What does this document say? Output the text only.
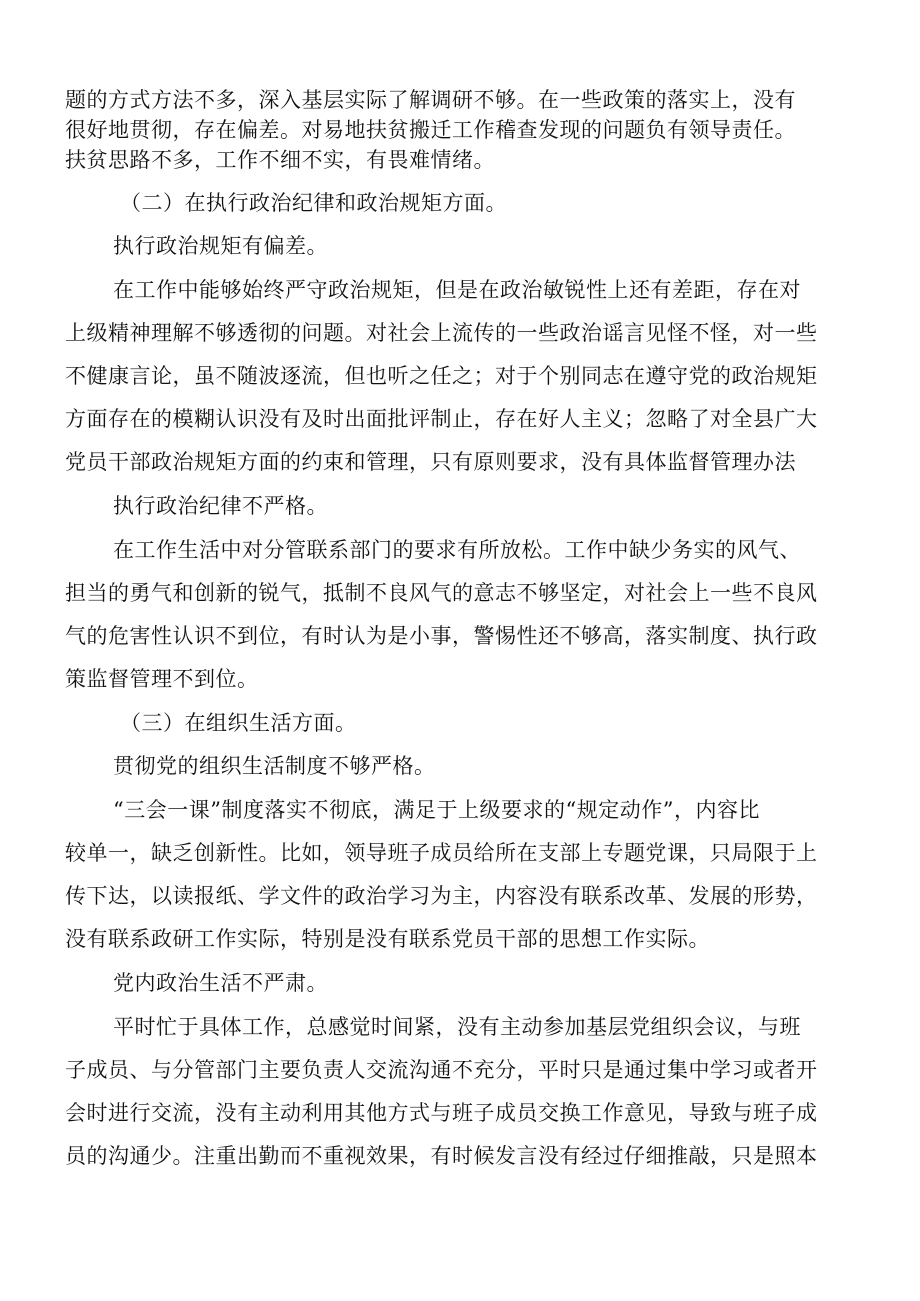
题的方式方法不多，深入基层实际了解调研不够。在一些政策的落实上，没有
很好地贯彻，存在偏差。对易地扶贫搬迁工作稽查发现的问题负有领导责任。
扶贫思路不多，工作不细不实，有畏难情绪。
（二）在执行政治纪律和政治规矩方面。
执行政治规矩有偏差。
在工作中能够始终严守政治规矩，但是在政治敏锐性上还有差距，存在对
上级精神理解不够透彻的问题。对社会上流传的一些政治谣言见怪不怪，对一些
不健康言论，虽不随波逐流，但也听之任之；对于个别同志在遵守党的政治规矩
方面存在的模糊认识没有及时出面批评制止，存在好人主义；忽略了对全县广大
党员干部政治规矩方面的约束和管理，只有原则要求，没有具体监督管理办法
执行政治纪律不严格。
在工作生活中对分管联系部门的要求有所放松。工作中缺少务实的风气、
担当的勇气和创新的锐气，抵制不良风气的意志不够坚定，对社会上一些不良风
气的危害性认识不到位，有时认为是小事，警惕性还不够高，落实制度、执行政
策监督管理不到位。
（三）在组织生活方面。
贯彻党的组织生活制度不够严格。
“三会一课”制度落实不彻底，满足于上级要求的“规定动作”，内容比
较单一，缺乏创新性。比如，领导班子成员给所在支部上专题党课，只局限于上
传下达，以读报纸、学文件的政治学习为主，内容没有联系改革、发展的形势，
没有联系政研工作实际，特别是没有联系党员干部的思想工作实际。
党内政治生活不严肃。
平时忙于具体工作，总感觉时间紧，没有主动参加基层党组织会议，与班
子成员、与分管部门主要负责人交流沟通不充分，平时只是通过集中学习或者开
会时进行交流，没有主动利用其他方式与班子成员交换工作意见，导致与班子成
员的沟通少。注重出勤而不重视效果，有时候发言没有经过仔细推敲，只是照本
